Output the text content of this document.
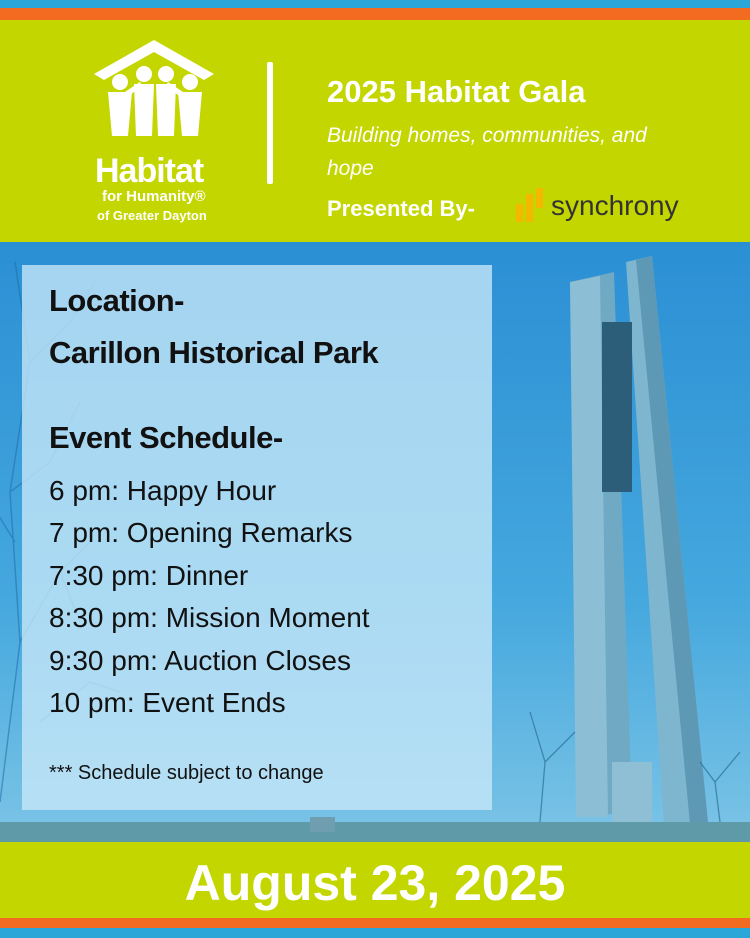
Habitat
for Humanity®
of Greater Dayton
2025 Habitat Gala
Building homes, communities, and hope
Presented By-	synchrony
Location-
Carillon Historical Park
Event Schedule-
6 pm: Happy Hour
7 pm: Opening Remarks
7:30 pm: Dinner
8:30 pm: Mission Moment
9:30 pm: Auction Closes
10 pm: Event Ends
*** Schedule subject to change
August 23, 2025
